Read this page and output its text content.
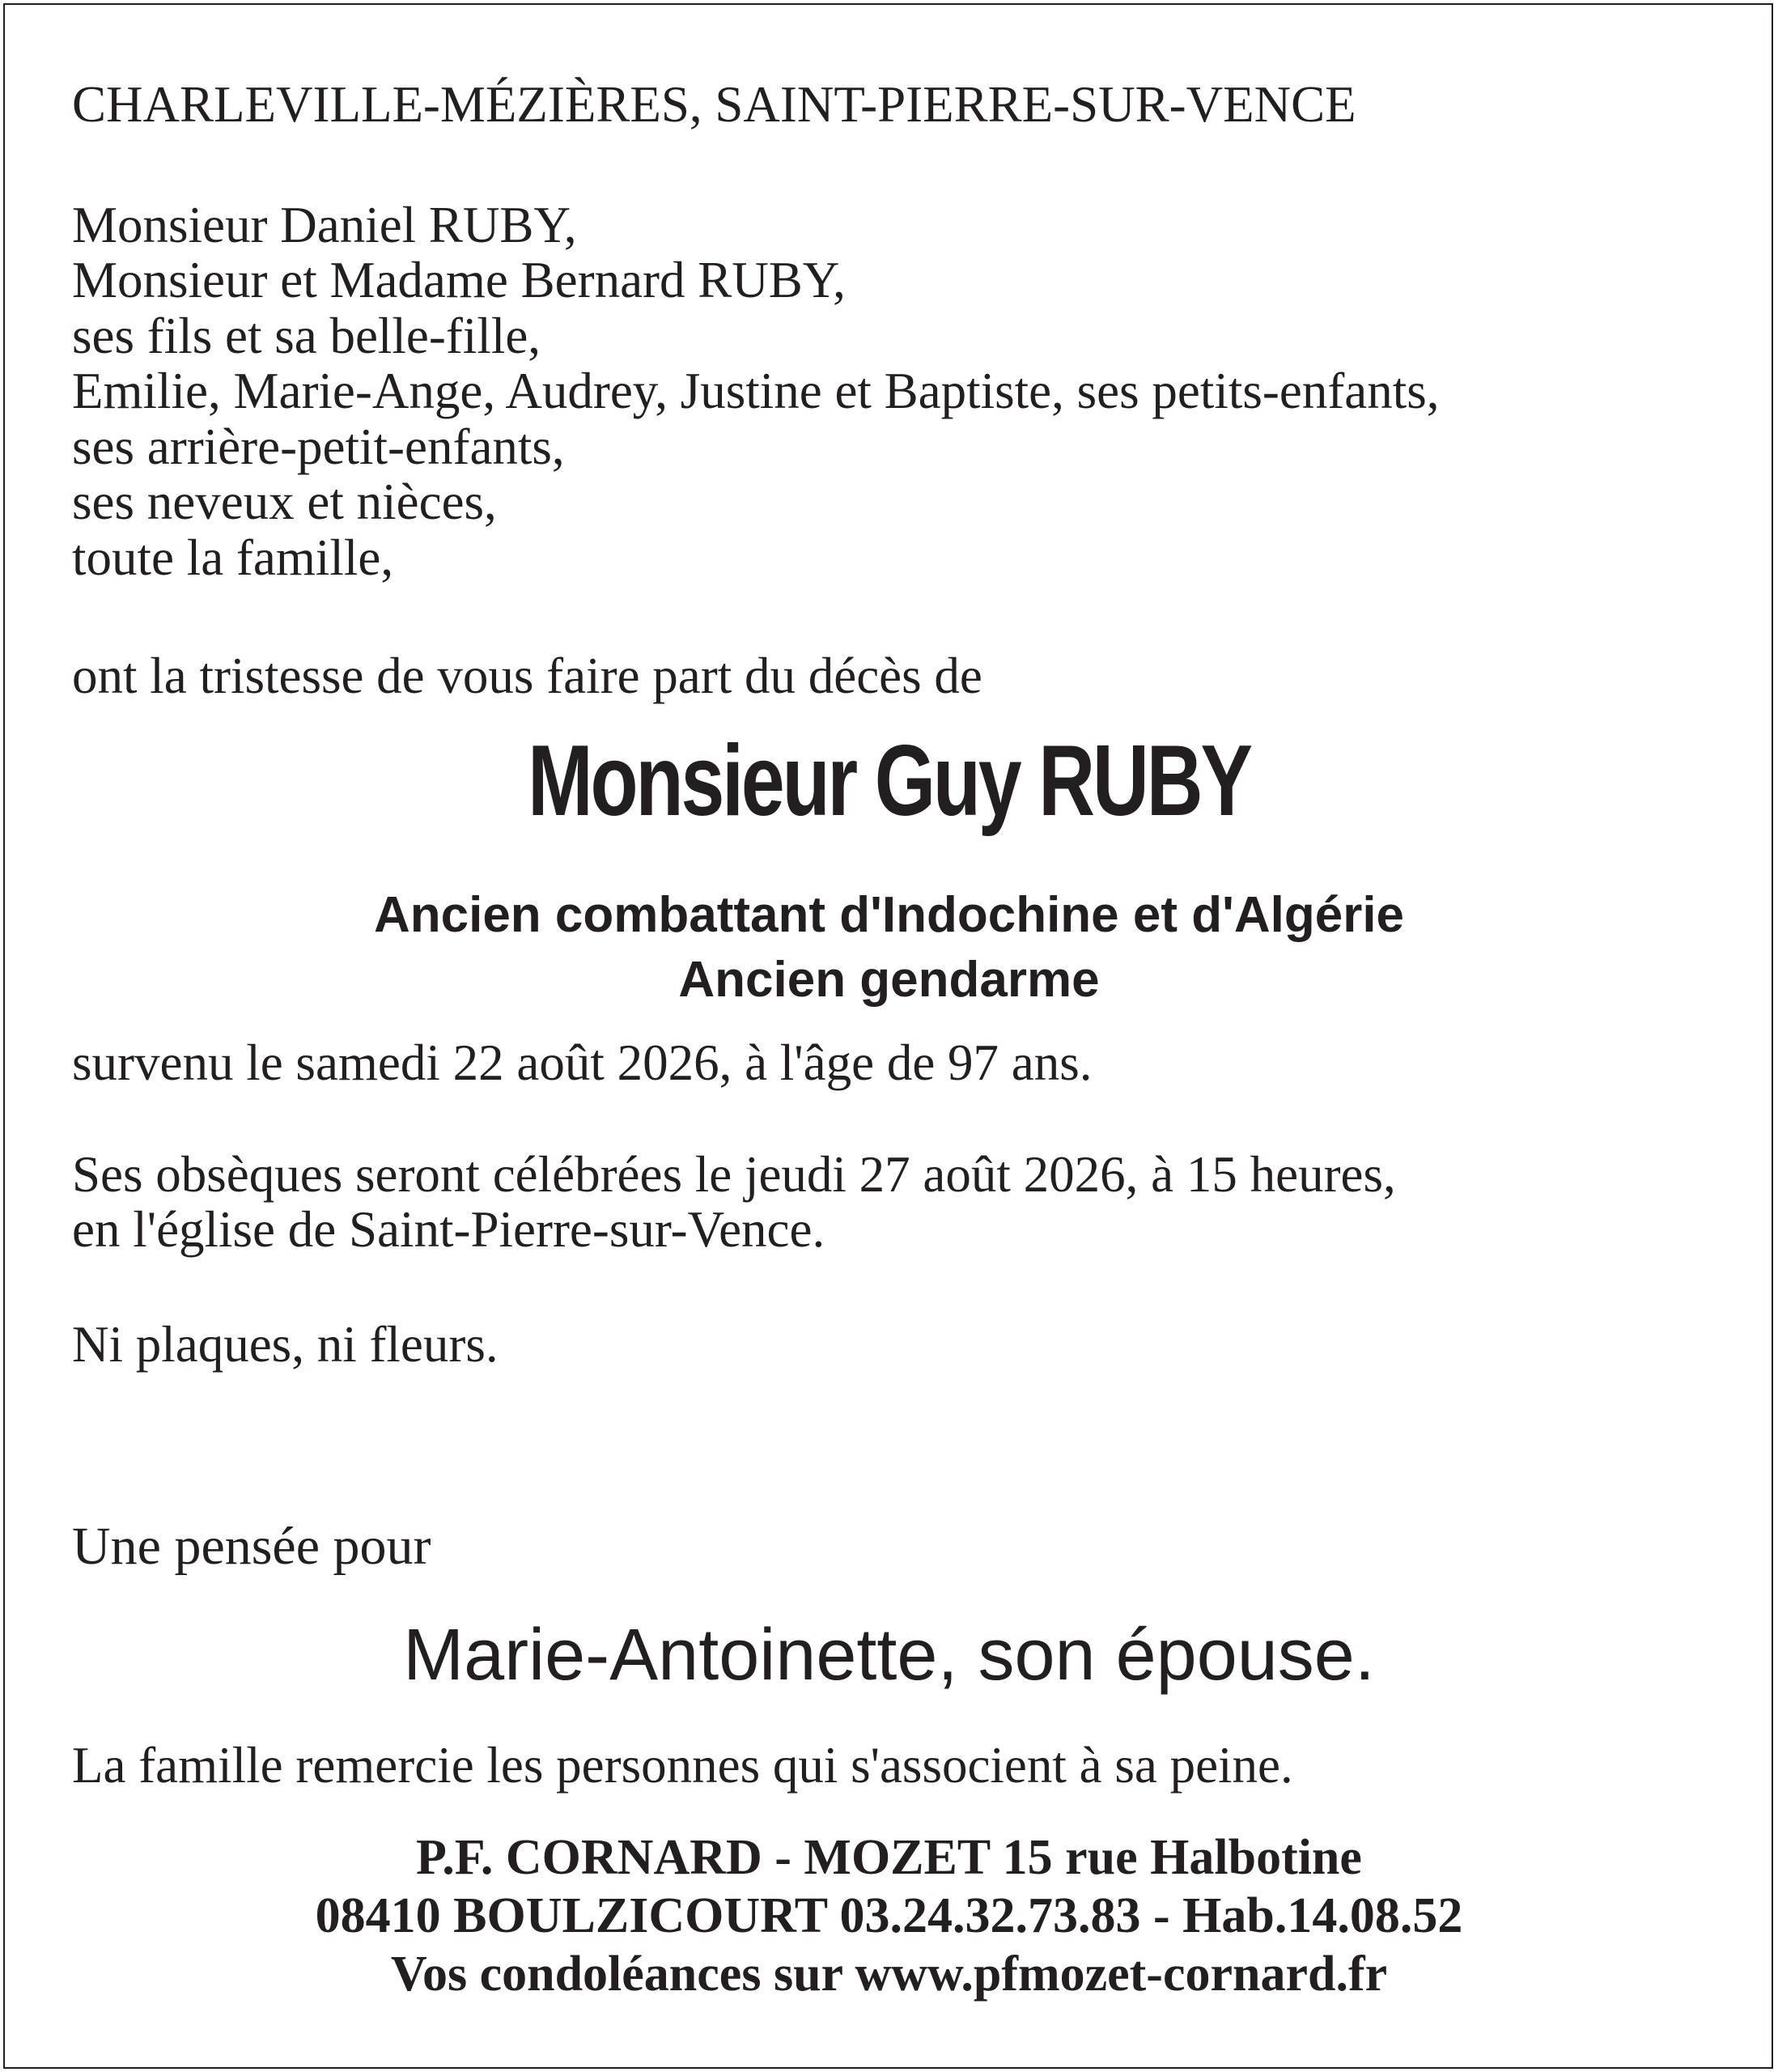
CHARLEVILLE-MÉZIÈRES, SAINT-PIERRE-SUR-VENCE
Monsieur Daniel RUBY,
Monsieur et Madame Bernard RUBY,
ses fils et sa belle-fille,
Emilie, Marie-Ange, Audrey, Justine et Baptiste, ses petits-enfants,
ses arrière-petit-enfants,
ses neveux et nièces,
toute la famille,
ont la tristesse de vous faire part du décès de
Monsieur Guy RUBY
Ancien combattant d'Indochine et d'Algérie
Ancien gendarme
survenu le samedi 22 août 2026, à l'âge de 97 ans.
Ses obsèques seront célébrées le jeudi 27 août 2026, à 15 heures,
en l'église de Saint-Pierre-sur-Vence.
Ni plaques, ni fleurs.
Une pensée pour
Marie-Antoinette, son épouse.
La famille remercie les personnes qui s'associent à sa peine.
P.F. CORNARD - MOZET 15 rue Halbotine
08410 BOULZICOURT 03.24.32.73.83 - Hab.14.08.52
Vos condoléances sur www.pfmozet-cornard.fr
